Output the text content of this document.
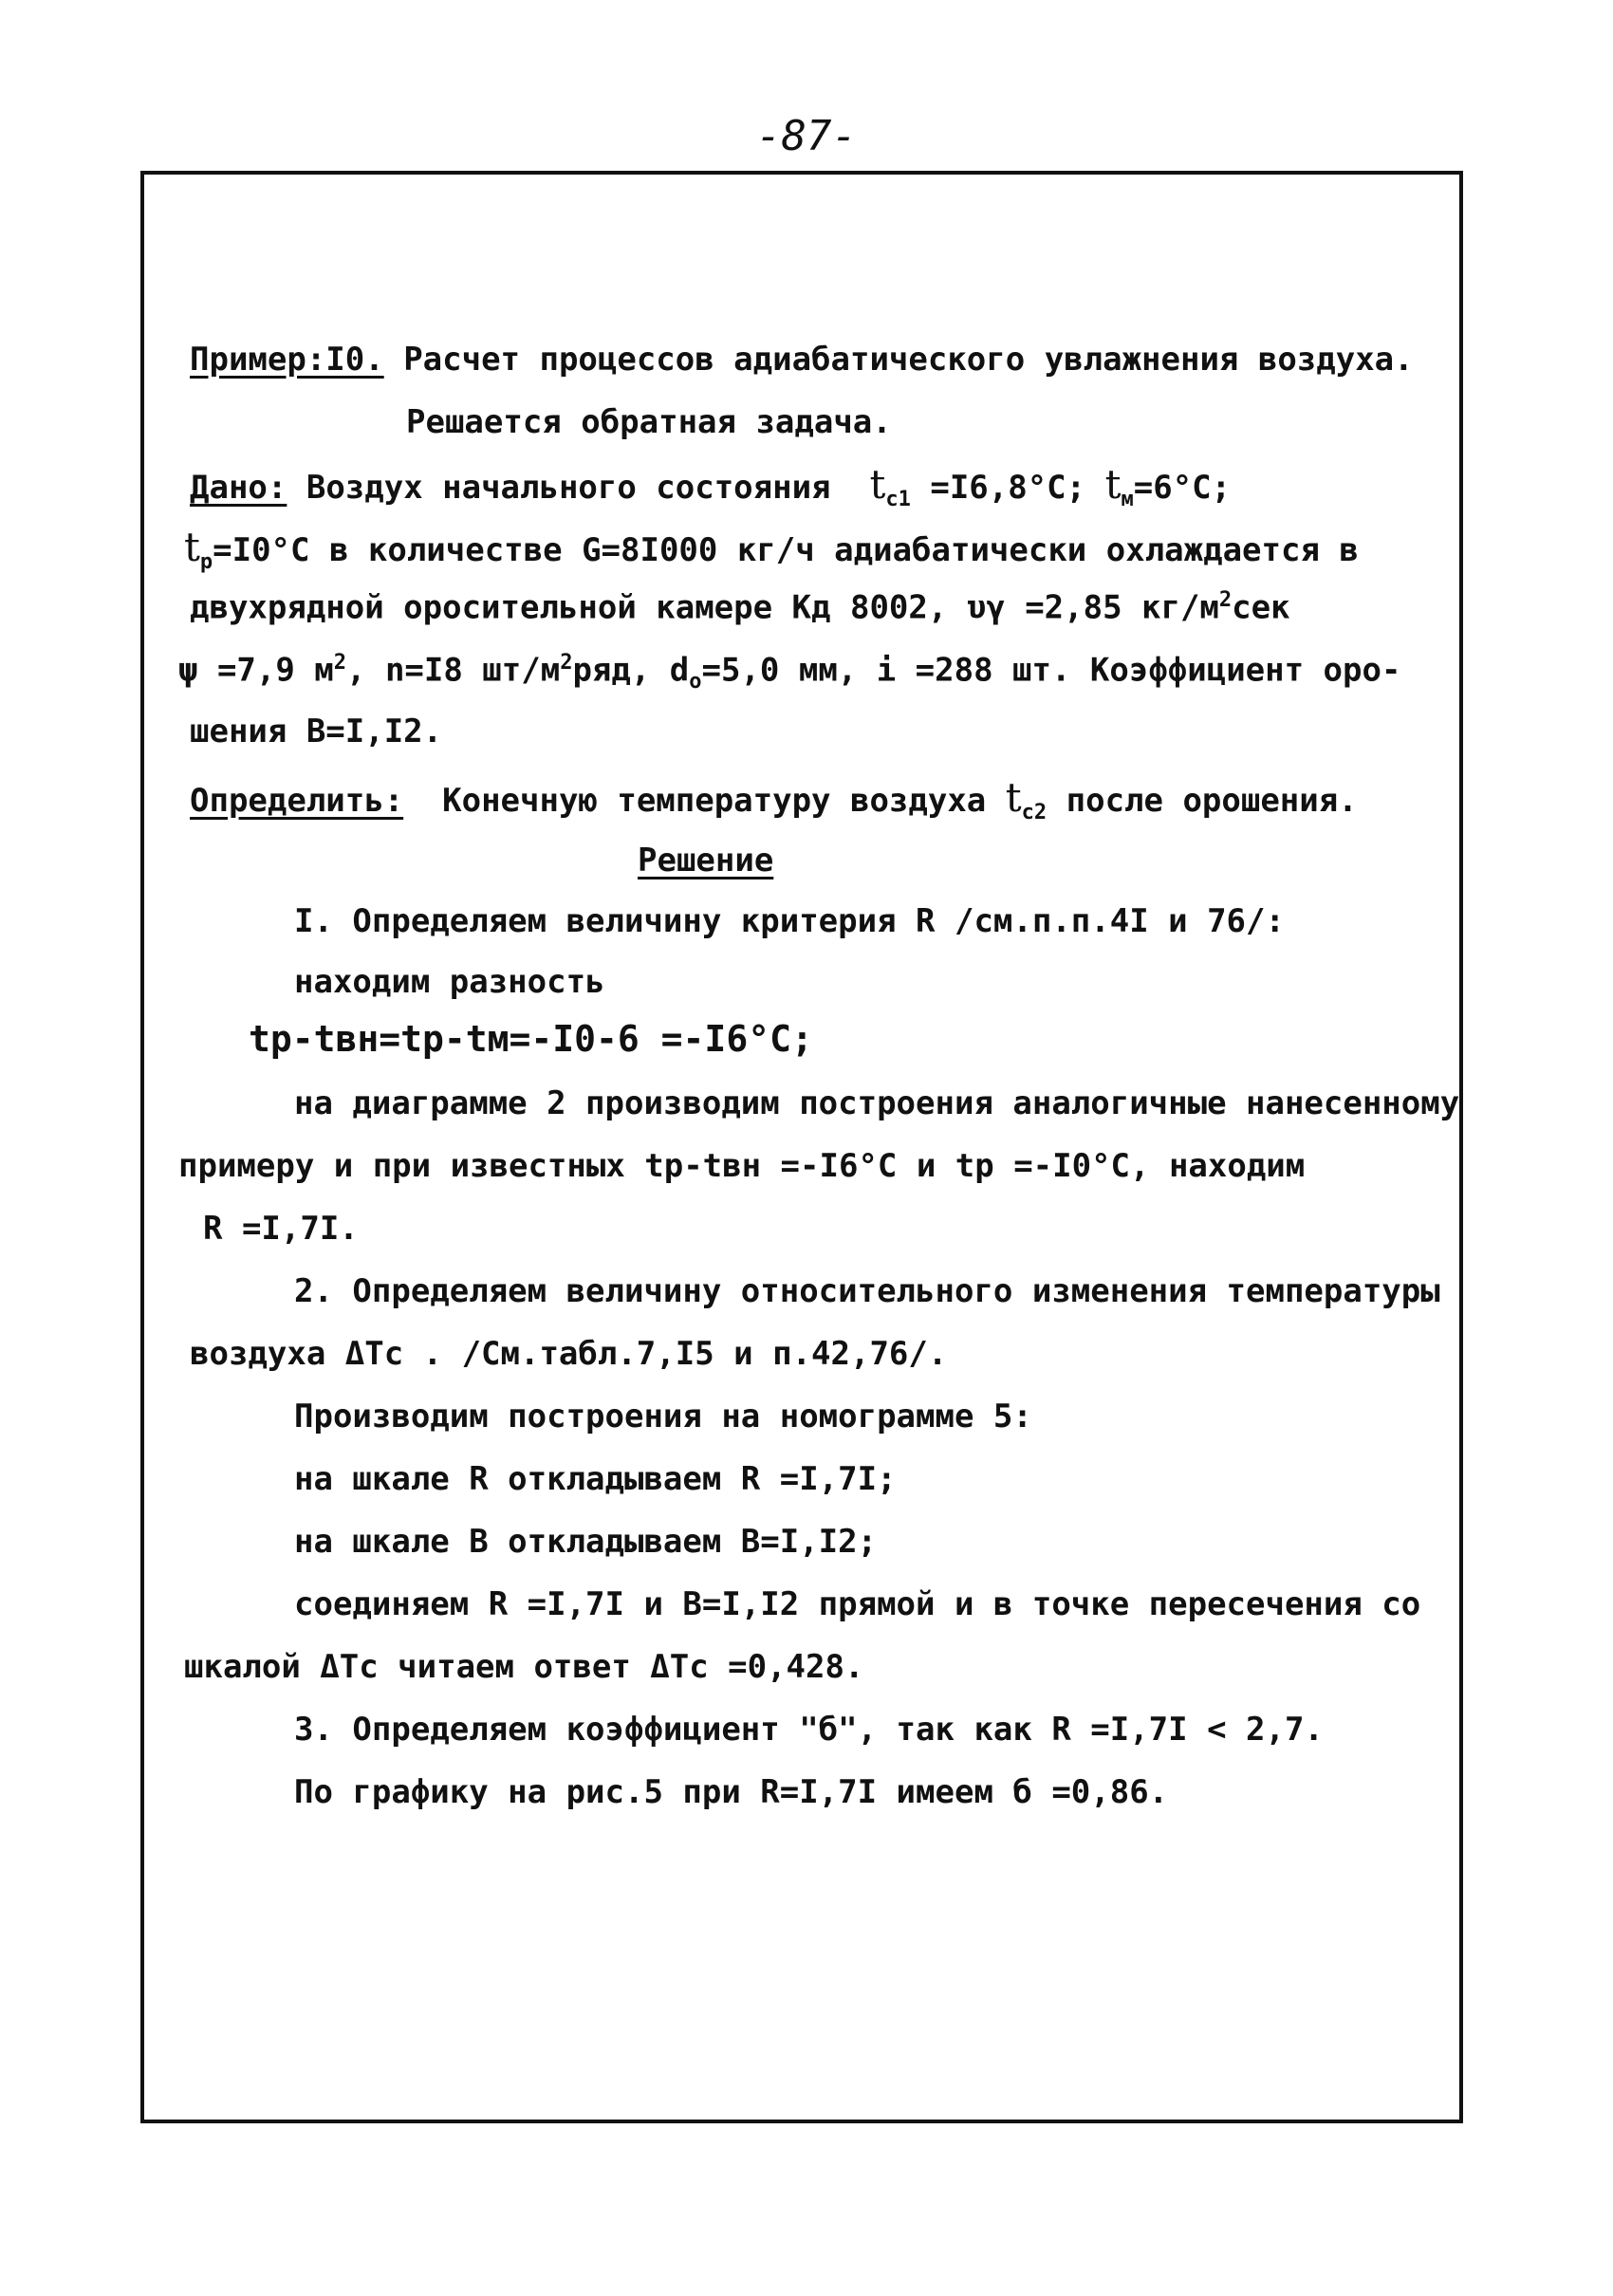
-87-
Пример:I0. Расчет процессов адиабатического увлажнения воздуха.
Решается обратная задача.
Дано: Воздух начального состояния $t_{c1} =I6,8^\circ С$; $t_м=6^\circ С$;
$t_р=I0^\circ С$ в количестве G=8I000 кг/ч адиабатически охлаждается в
двухрядной оросительной камере Кд 8002, υγ =2,85 $кг/м^2сек$
ψ =7,9 $м^2$, n=I8 $шт/м^2ряд$, $d_о=5,0$ мм, i =288 шт. Коэффициент оро-
шения В=I,I2.
Определить: Конечную температуру воздуха $t_{c2}$ после орошения.
Решение
I. Определяем величину критерия R /см.п.п.4I и 76/:
находим разность
tр-tвн=tр-tм=-I0-6 =-I6°С;
на диаграмме 2 производим построения аналогичные нанесенному
примеру и при известных tр-tвн =-I6°С и tр =-I0°С, находим
R =I,7I.
2. Определяем величину относительного изменения температуры
воздуха ΔTc . /См.табл.7,I5 и п.42,76/.
Производим построения на номограмме 5:
на шкале R откладываем R =I,7I;
на шкале В откладываем В=I,I2;
соединяем R =I,7I и В=I,I2 прямой и в точке пересечения со
шкалой ΔTc читаем ответ ΔTc =0,428.
3. Определяем коэффициент "б", так как R =I,7I < 2,7.
По графику на рис.5 при R=I,7I имеем б =0,86.
